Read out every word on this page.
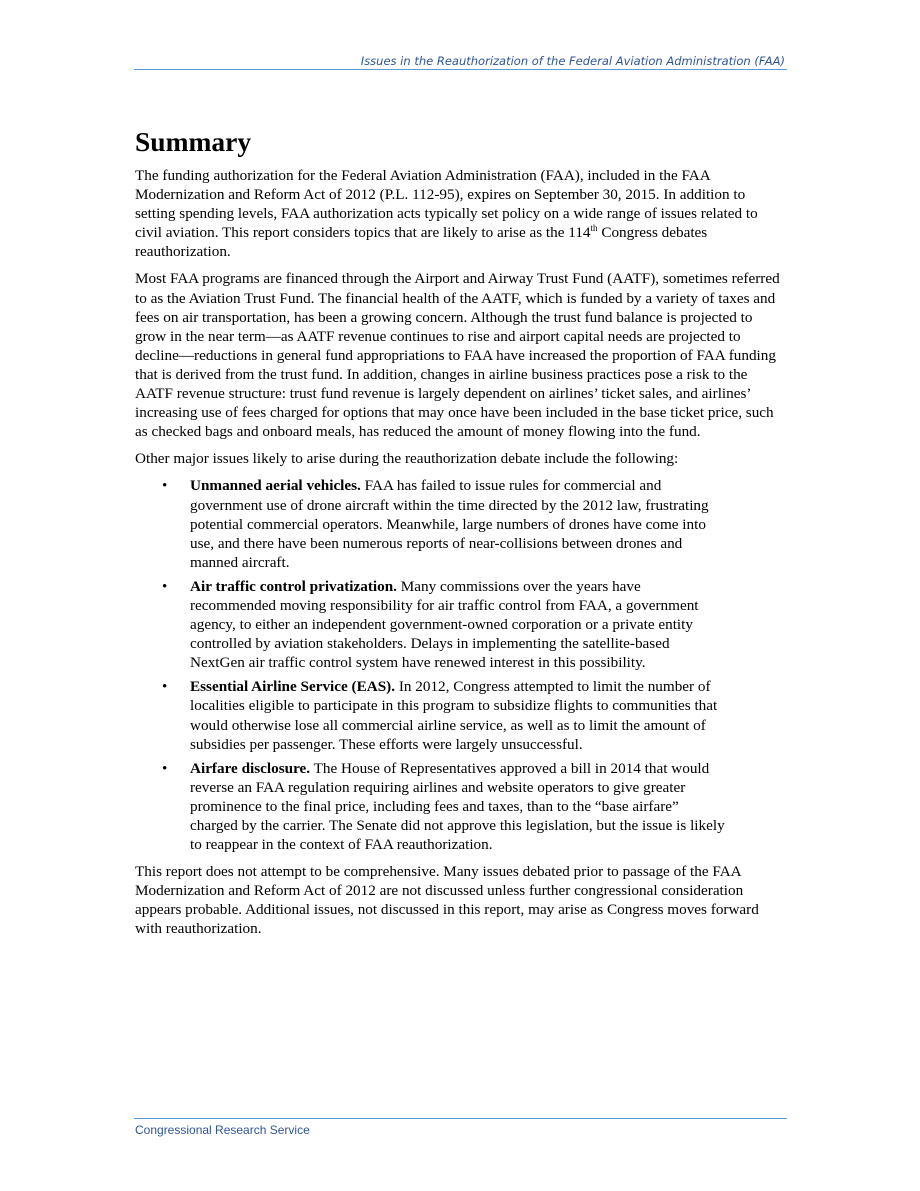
Issues in the Reauthorization of the Federal Aviation Administration (FAA)
Summary

The funding authorization for the Federal Aviation Administration (FAA), included in the FAA Modernization and Reform Act of 2012 (P.L. 112-95), expires on September 30, 2015. In addition to setting spending levels, FAA authorization acts typically set policy on a wide range of issues related to civil aviation. This report considers topics that are likely to arise as the 114th Congress debates reauthorization.

Most FAA programs are financed through the Airport and Airway Trust Fund (AATF), sometimes referred to as the Aviation Trust Fund. The financial health of the AATF, which is funded by a variety of taxes and fees on air transportation, has been a growing concern. Although the trust fund balance is projected to grow in the near term—as AATF revenue continues to rise and airport capital needs are projected to decline—reductions in general fund appropriations to FAA have increased the proportion of FAA funding that is derived from the trust fund. In addition, changes in airline business practices pose a risk to the AATF revenue structure: trust fund revenue is largely dependent on airlines’ ticket sales, and airlines’ increasing use of fees charged for options that may once have been included in the base ticket price, such as checked bags and onboard meals, has reduced the amount of money flowing into the fund.

Other major issues likely to arise during the reauthorization debate include the following:

• Unmanned aerial vehicles. FAA has failed to issue rules for commercial and government use of drone aircraft within the time directed by the 2012 law, frustrating potential commercial operators. Meanwhile, large numbers of drones have come into use, and there have been numerous reports of near-collisions between drones and manned aircraft.
• Air traffic control privatization. Many commissions over the years have recommended moving responsibility for air traffic control from FAA, a government agency, to either an independent government-owned corporation or a private entity controlled by aviation stakeholders. Delays in implementing the satellite-based NextGen air traffic control system have renewed interest in this possibility.
• Essential Airline Service (EAS). In 2012, Congress attempted to limit the number of localities eligible to participate in this program to subsidize flights to communities that would otherwise lose all commercial airline service, as well as to limit the amount of subsidies per passenger. These efforts were largely unsuccessful.
• Airfare disclosure. The House of Representatives approved a bill in 2014 that would reverse an FAA regulation requiring airlines and website operators to give greater prominence to the final price, including fees and taxes, than to the “base airfare” charged by the carrier. The Senate did not approve this legislation, but the issue is likely to reappear in the context of FAA reauthorization.

This report does not attempt to be comprehensive. Many issues debated prior to passage of the FAA Modernization and Reform Act of 2012 are not discussed unless further congressional consideration appears probable. Additional issues, not discussed in this report, may arise as Congress moves forward with reauthorization.

Congressional Research Service
